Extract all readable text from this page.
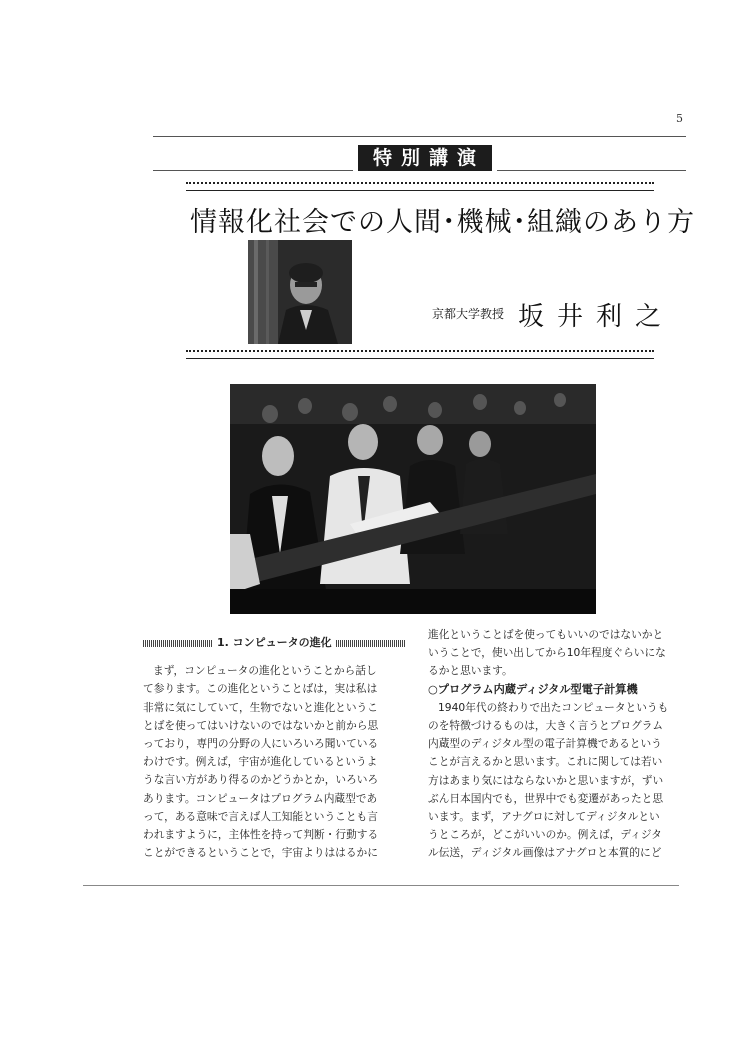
5
特別講演
情報化社会での人間･機械･組織のあり方
京都大学教授 坂井利之
1. コンピュータの進化

まず，コンピュータの進化ということから話し

て参ります。この進化ということばは，実は私は

非常に気にしていて，生物でないと進化というこ

とばを使ってはいけないのではないかと前から思

っており，専門の分野の人にいろいろ聞いている

わけです。例えば，宇宙が進化しているというよ

うな言い方があり得るのかどうかとか，いろいろ

あります。コンピュータはプログラム内蔵型であ

って，ある意味で言えば人工知能ということも言

われますように，主体性を持って判断・行動する

ことができるということで，宇宙よりははるかに

進化ということばを使ってもいいのではないかと

いうことで，使い出してから10年程度ぐらいにな

るかと思います。

○プログラム内蔵ディジタル型電子計算機

1940年代の終わりで出たコンピュータというも

のを特徴づけるものは，大きく言うとプログラム

内蔵型のディジタル型の電子計算機であるという

ことが言えるかと思います。これに関しては若い

方はあまり気にはならないかと思いますが，ずい

ぶん日本国内でも，世界中でも変遷があったと思

います。まず，アナグロに対してディジタルとい

うところが，どこがいいのか。例えば，ディジタ

ル伝送，ディジタル画像はアナグロと本質的にど
